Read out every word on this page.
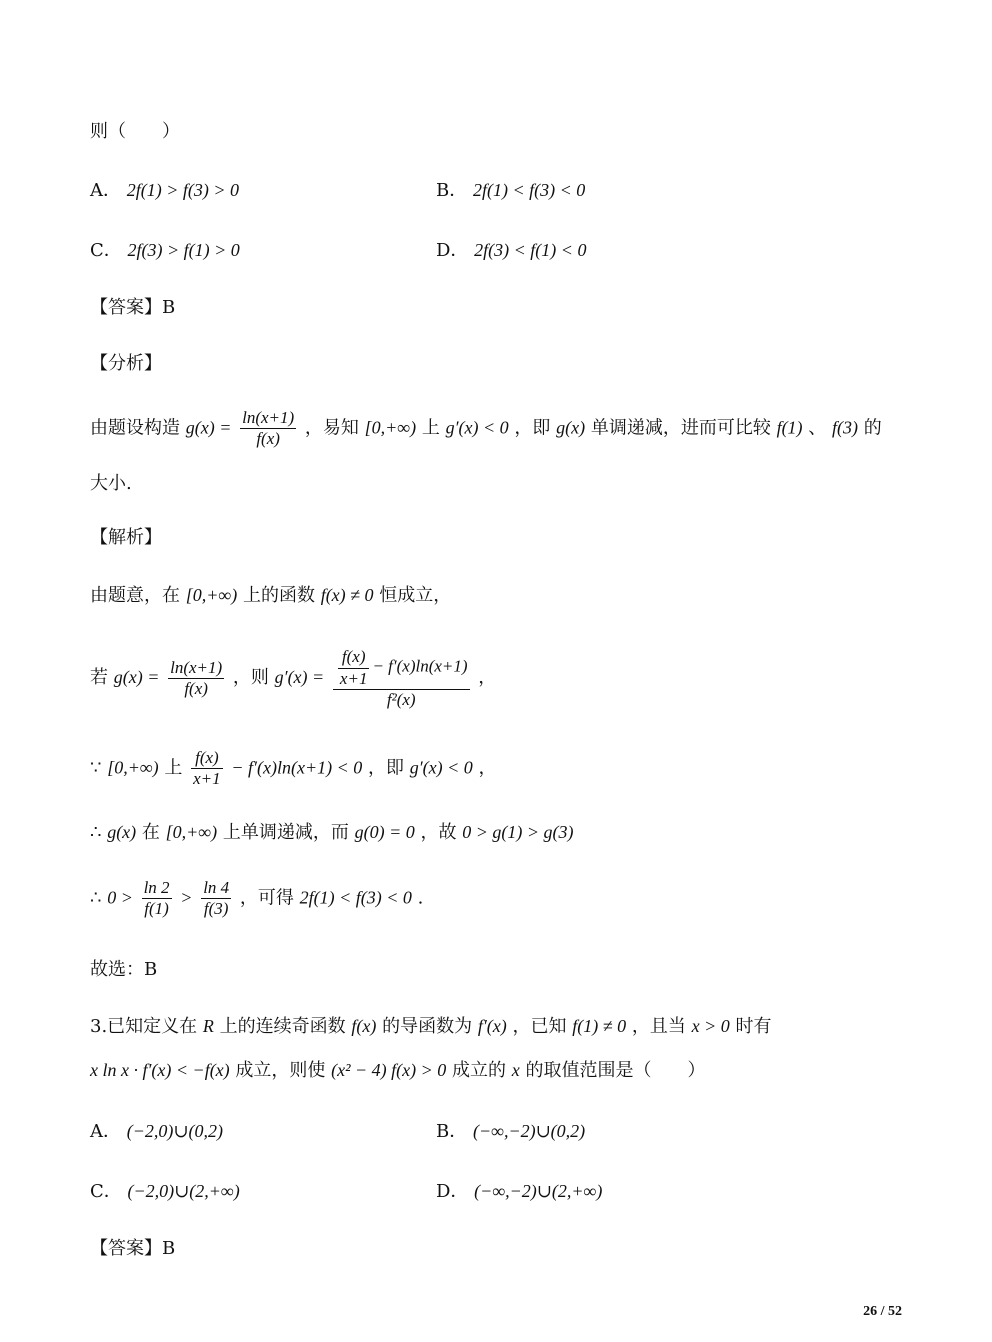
则（　　）
A． 2f(1) > f(3) > 0	B． 2f(1) < f(3) < 0
C． 2f(3) > f(1) > 0	D． 2f(3) < f(1) < 0
【答案】B
【分析】
由题设构造 $g(x) = \frac{\ln(x+1)}{f(x)}$ ，易知 [0,+∞) 上 g′(x) < 0 ，即 g(x) 单调递减，进而可比较 f(1) 、 f(3) 的
大小.
【解析】
由题意，在 [0,+∞) 上的函数 f(x) ≠ 0 恒成立，
若 $g(x) = \frac{\ln(x+1)}{f(x)}$ ，则 $g'(x) = \frac{\frac{f(x)}{x+1} - f'(x)\ln(x+1)}{\text{f²(x)}}$ ，
∵ [0,+∞) 上 $\frac{f(x)}{x+1} - f'(x)\ln(x+1) < 0$ ，即 g′(x) < 0 ，
∴ g(x) 在 [0,+∞) 上单调递减，而 g(0) = 0 ，故 0 > g(1) > g(3)
∴ $0 > \frac{\ln 2}{f(1)} > \frac{\ln 4}{f(3)}$ ，可得 2f(1) < f(3) < 0 .
故选：B
3.已知定义在 R 上的连续奇函数 f(x) 的导函数为 f′(x) ，已知 f(1) ≠ 0 ，且当 x > 0 时有
x ln x · f′(x) < −f(x) 成立，则使 (x² − 4) f(x) > 0 成立的 x 的取值范围是（　　）
A． (−2,0)∪(0,2)	B． (−∞,−2)∪(0,2)
C． (−2,0)∪(2,+∞)	D． (−∞,−2)∪(2,+∞)
【答案】B
26 / 52
